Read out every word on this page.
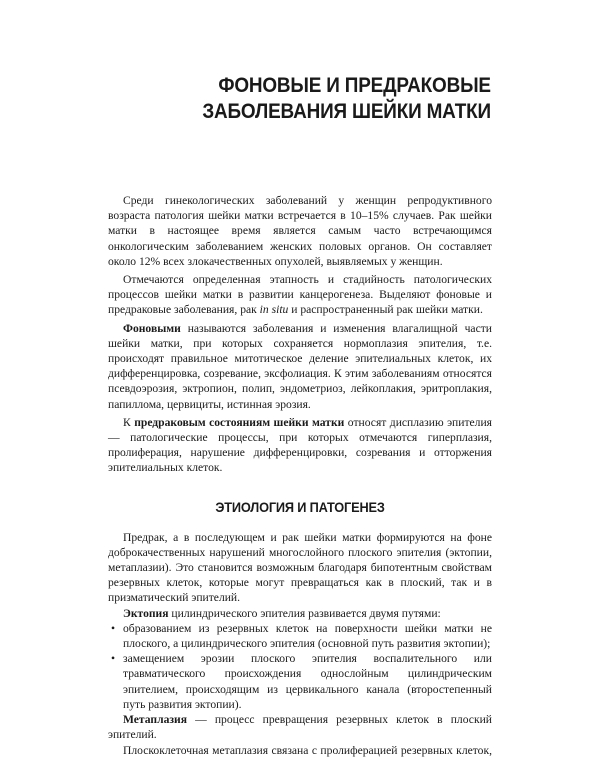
ФОНОВЫЕ И ПРЕДРАКОВЫЕ
ЗАБОЛЕВАНИЯ ШЕЙКИ МАТКИ

Среди гинекологических заболеваний у женщин репродуктивного возраста патология шейки матки встречается в 10–15% случаев. Рак шейки матки в настоящее время является самым часто встречающимся онкологическим заболеванием женских половых органов. Он составляет около 12% всех злокачественных опухолей, выявляемых у женщин.

Отмечаются определенная этапность и стадийность патологических процессов шейки матки в развитии канцерогенеза. Выделяют фоновые и предраковые заболевания, рак in situ и распространенный рак шейки матки.

Фоновыми называются заболевания и изменения влагалищной части шейки матки, при которых сохраняется нормоплазия эпителия, т.е. происходят правильное митотическое деление эпителиальных клеток, их дифференцировка, созревание, эксфолиация. К этим заболеваниям относятся псевдоэрозия, эктропион, полип, эндометриоз, лейкоплакия, эритроплакия, папиллома, цервициты, истинная эрозия.

К предраковым состояниям шейки матки относят дисплазию эпителия — патологические процессы, при которых отмечаются гиперплазия, пролиферация, нарушение дифференцировки, созревания и отторжения эпителиальных клеток.

ЭТИОЛОГИЯ И ПАТОГЕНЕЗ

Предрак, а в последующем и рак шейки матки формируются на фоне доброкачественных нарушений многослойного плоского эпителия (эктопии, метаплазии). Это становится возможным благодаря бипотентным свойствам резервных клеток, которые могут превращаться как в плоский, так и в призматический эпителий.

Эктопия цилиндрического эпителия развивается двумя путями:

• образованием из резервных клеток на поверхности шейки матки не плоского, а цилиндрического эпителия (основной путь развития эктопии);

• замещением эрозии плоского эпителия воспалительного или травматического происхождения однослойным цилиндрическим эпителием, происходящим из цервикального канала (второстепенный путь развития эктопии).

Метаплазия — процесс превращения резервных клеток в плоский эпителий.

Плоскоклеточная метаплазия связана с пролиферацией резервных клеток,
